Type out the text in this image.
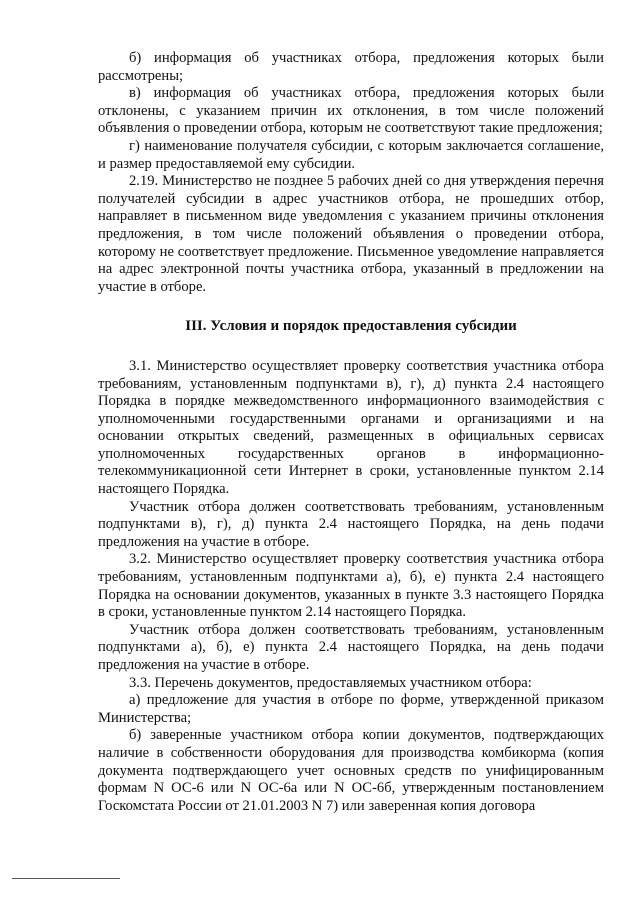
б) информация об участниках отбора, предложения которых были рассмотрены;

в) информация об участниках отбора, предложения которых были отклонены, с указанием причин их отклонения, в том числе положений объявления о проведении отбора, которым не соответствуют такие предложения;

г) наименование получателя субсидии, с которым заключается соглашение, и размер предоставляемой ему субсидии.

2.19. Министерство не позднее 5 рабочих дней со дня утверждения перечня получателей субсидии в адрес участников отбора, не прошедших отбор, направляет в письменном виде уведомления с указанием причины отклонения предложения, в том числе положений объявления о проведении отбора, которому не соответствует предложение. Письменное уведомление направляется на адрес электронной почты участника отбора, указанный в предложении на участие в отборе.

III. Условия и порядок предоставления субсидии

3.1. Министерство осуществляет проверку соответствия участника отбора требованиям, установленным подпунктами в), г), д) пункта 2.4 настоящего Порядка в порядке межведомственного информационного взаимодействия с уполномоченными государственными органами и организациями и на основании открытых сведений, размещенных в официальных сервисах уполномоченных государственных органов в информационно-телекоммуникационной сети Интернет в сроки, установленные пунктом 2.14 настоящего Порядка.

Участник отбора должен соответствовать требованиям, установленным подпунктами в), г), д) пункта 2.4 настоящего Порядка, на день подачи предложения на участие в отборе.

3.2. Министерство осуществляет проверку соответствия участника отбора требованиям, установленным подпунктами а), б), е) пункта 2.4 настоящего Порядка на основании документов, указанных в пункте 3.3 настоящего Порядка в сроки, установленные пунктом 2.14 настоящего Порядка.

Участник отбора должен соответствовать требованиям, установленным подпунктами а), б), е) пункта 2.4 настоящего Порядка, на день подачи предложения на участие в отборе.

3.3. Перечень документов, предоставляемых участником отбора:

а) предложение для участия в отборе по форме, утвержденной приказом Министерства;

б) заверенные участником отбора копии документов, подтверждающих наличие в собственности оборудования для производства комбикорма (копия документа подтверждающего учет основных средств по унифицированным формам N ОС-6 или N ОС-6а или N ОС-6б, утвержденным постановлением Госкомстата России от 21.01.2003 N 7) или заверенная копия договора
